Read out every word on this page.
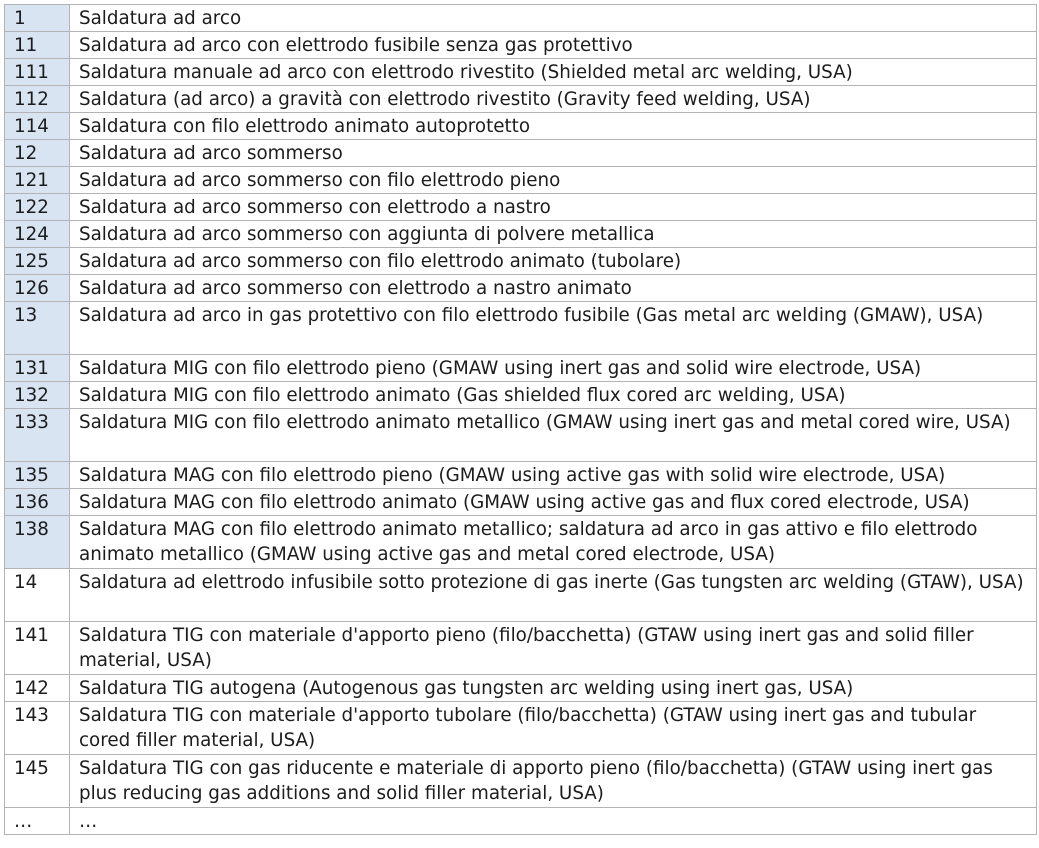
1	Saldatura ad arco
11	Saldatura ad arco con elettrodo fusibile senza gas protettivo
111	Saldatura manuale ad arco con elettrodo rivestito (Shielded metal arc welding, USA)
112	Saldatura (ad arco) a gravità con elettrodo rivestito (Gravity feed welding, USA)
114	Saldatura con filo elettrodo animato autoprotetto
12	Saldatura ad arco sommerso
121	Saldatura ad arco sommerso con filo elettrodo pieno
122	Saldatura ad arco sommerso con elettrodo a nastro
124	Saldatura ad arco sommerso con aggiunta di polvere metallica
125	Saldatura ad arco sommerso con filo elettrodo animato (tubolare)
126	Saldatura ad arco sommerso con elettrodo a nastro animato
13	Saldatura ad arco in gas protettivo con filo elettrodo fusibile (Gas metal arc welding (GMAW), USA)
131	Saldatura MIG con filo elettrodo pieno (GMAW using inert gas and solid wire electrode, USA)
132	Saldatura MIG con filo elettrodo animato (Gas shielded flux cored arc welding, USA)
133	Saldatura MIG con filo elettrodo animato metallico (GMAW using inert gas and metal cored wire, USA)
135	Saldatura MAG con filo elettrodo pieno (GMAW using active gas with solid wire electrode, USA)
136	Saldatura MAG con filo elettrodo animato (GMAW using active gas and flux cored electrode, USA)
138	Saldatura MAG con filo elettrodo animato metallico; saldatura ad arco in gas attivo e filo elettrodo animato metallico (GMAW using active gas and metal cored electrode, USA)
14	Saldatura ad elettrodo infusibile sotto protezione di gas inerte (Gas tungsten arc welding (GTAW), USA)
141	Saldatura TIG con materiale d'apporto pieno (filo/bacchetta) (GTAW using inert gas and solid filler material, USA)
142	Saldatura TIG autogena (Autogenous gas tungsten arc welding using inert gas, USA)
143	Saldatura TIG con materiale d'apporto tubolare (filo/bacchetta) (GTAW using inert gas and tubular cored filler material, USA)
145	Saldatura TIG con gas riducente e materiale di apporto pieno (filo/bacchetta) (GTAW using inert gas plus reducing gas additions and solid filler material, USA)
…	…
